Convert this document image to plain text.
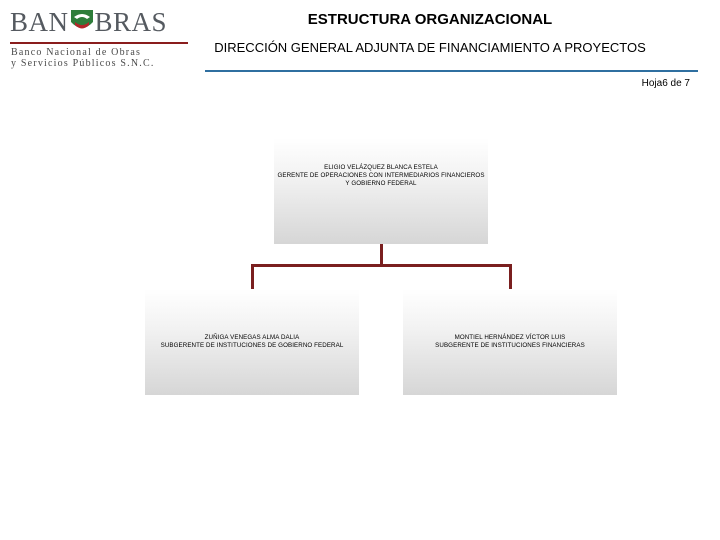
BAN BRAS
Banco Nacional de Obras
y Servicios Públicos S.N.C.
ESTRUCTURA ORGANIZACIONAL
DIRECCIÓN GENERAL ADJUNTA DE FINANCIAMIENTO A PROYECTOS
Hoja6 de 7
ELIGIO VELÁZQUEZ BLANCA ESTELA
GERENTE DE OPERACIONES CON INTERMEDIARIOS FINANCIEROS
Y GOBIERNO FEDERAL
ZUÑIGA VENEGAS ALMA DALIA
SUBGERENTE DE INSTITUCIONES DE GOBIERNO FEDERAL
MONTIEL HERNÁNDEZ VÍCTOR LUIS
SUBGERENTE DE INSTITUCIONES FINANCIERAS
